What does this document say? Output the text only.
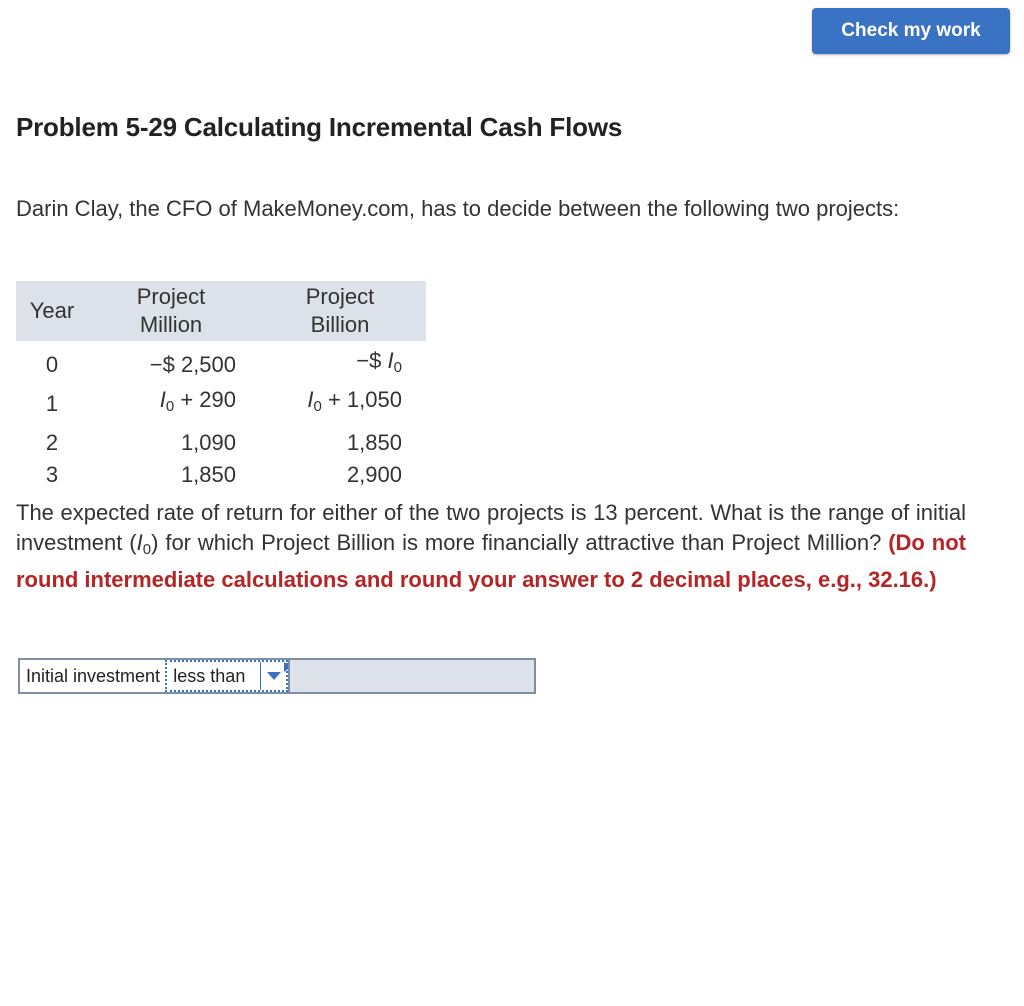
Check my work
Problem 5-29 Calculating Incremental Cash Flows

Darin Clay, the CFO of MakeMoney.com, has to decide between the following two projects:

Year	Project Million	Project Billion
0	−$ 2,500	−$ $I_0$
1	$I_0 + 290$	$I_0 + 1,050$
2	1,090	1,850
3	1,850	2,900

The expected rate of return for either of the two projects is 13 percent. What is the range of initial investment $(I_0)$ for which Project Billion is more financially attractive than Project Million? (Do not round intermediate calculations and round your answer to 2 decimal places, e.g., 32.16.)

Initial investment less than
